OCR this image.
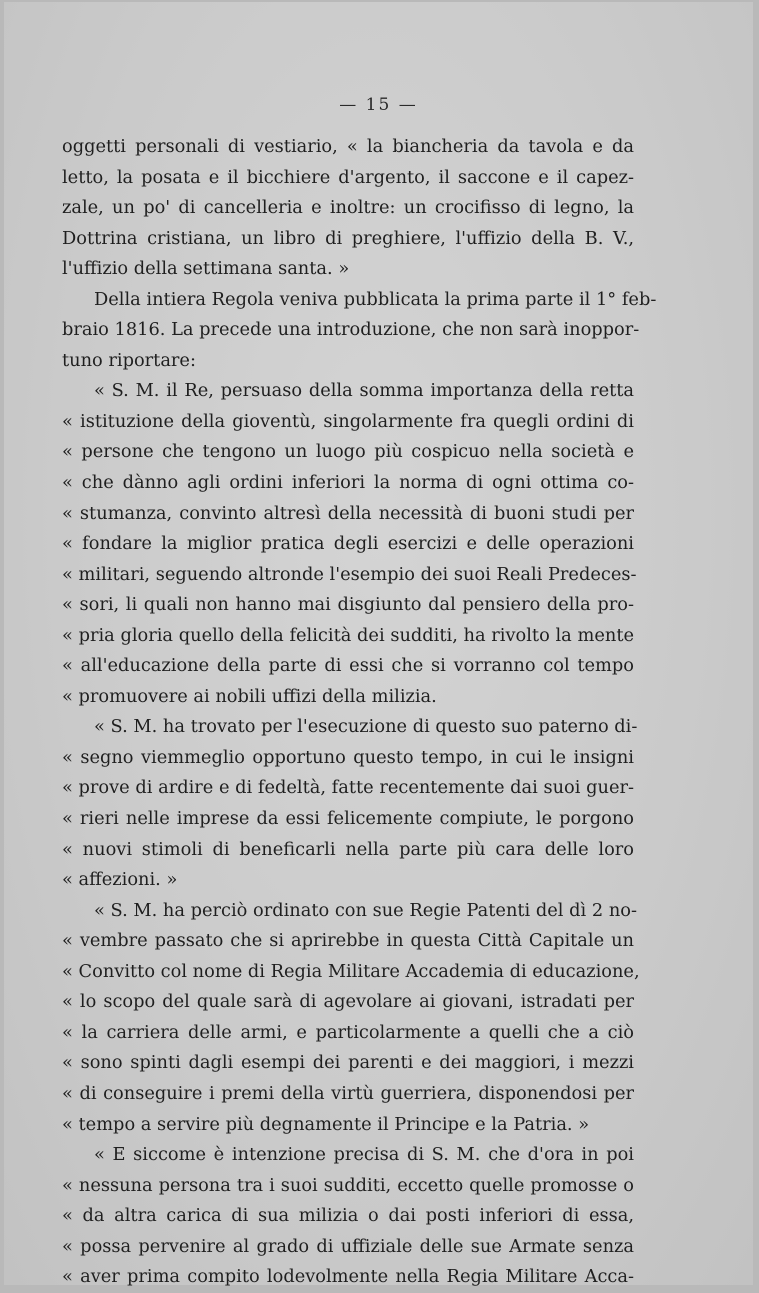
— 15 —
oggetti personali di vestiario, « la biancheria da tavola e da
letto, la posata e il bicchiere d'argento, il saccone e il capez-
zale, un po' di cancelleria e inoltre: un crocifisso di legno, la
Dottrina cristiana, un libro di preghiere, l'uffizio della B. V.,
l'uffizio della settimana santa. »
Della intiera Regola veniva pubblicata la prima parte il 1° feb-
braio 1816. La precede una introduzione, che non sarà inoppor-
tuno riportare:
« S. M. il Re, persuaso della somma importanza della retta
« istituzione della gioventù, singolarmente fra quegli ordini di
« persone che tengono un luogo più cospicuo nella società e
« che dànno agli ordini inferiori la norma di ogni ottima co-
« stumanza, convinto altresì della necessità di buoni studi per
« fondare la miglior pratica degli esercizi e delle operazioni
« militari, seguendo altronde l'esempio dei suoi Reali Predeces-
« sori, li quali non hanno mai disgiunto dal pensiero della pro-
« pria gloria quello della felicità dei sudditi, ha rivolto la mente
« all'educazione della parte di essi che si vorranno col tempo
« promuovere ai nobili uffizi della milizia.
« S. M. ha trovato per l'esecuzione di questo suo paterno di-
« segno viemmeglio opportuno questo tempo, in cui le insigni
« prove di ardire e di fedeltà, fatte recentemente dai suoi guer-
« rieri nelle imprese da essi felicemente compiute, le porgono
« nuovi stimoli di beneficarli nella parte più cara delle loro
« affezioni. »
« S. M. ha perciò ordinato con sue Regie Patenti del dì 2 no-
« vembre passato che si aprirebbe in questa Città Capitale un
« Convitto col nome di Regia Militare Accademia di educazione,
« lo scopo del quale sarà di agevolare ai giovani, istradati per
« la carriera delle armi, e particolarmente a quelli che a ciò
« sono spinti dagli esempi dei parenti e dei maggiori, i mezzi
« di conseguire i premi della virtù guerriera, disponendosi per
« tempo a servire più degnamente il Principe e la Patria. »
« E siccome è intenzione precisa di S. M. che d'ora in poi
« nessuna persona tra i suoi sudditi, eccetto quelle promosse o
« da altra carica di sua milizia o dai posti inferiori di essa,
« possa pervenire al grado di uffiziale delle sue Armate senza
« aver prima compito lodevolmente nella Regia Militare Acca-
